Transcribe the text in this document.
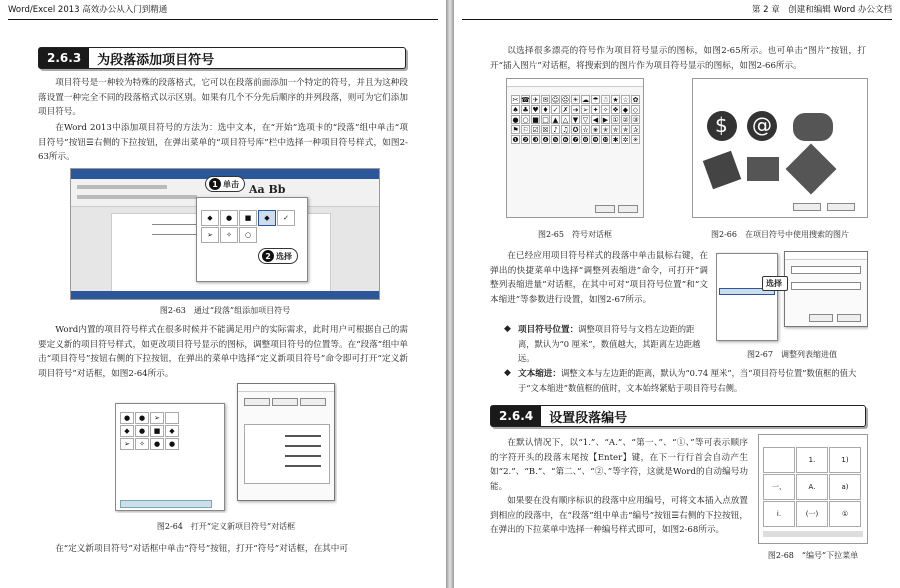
Word/Excel 2013 高效办公从入门到精通
2.6.3	为段落添加项目符号

项目符号是一种较为特殊的段落格式，它可以在段落前面添加一个特定的符号，并且为这种段落设置一种完全不同的段落格式以示区别。如果有几个不分先后顺序的并列段落，则可为它们添加项目符号。

在Word 2013中添加项目符号的方法为：选中文本，在“开始”选项卡的“段落”组中单击“项目符号”按钮☰右侧的下拉按钮，在弹出菜单的“项目符号库”栏中选择一种项目符号样式，如图2-63所示。

Aa Bb
◆	●	■	◆	✓
➢	✧	○
1 单击
2 选择
图2-63　通过“段落”组添加项目符号

Word内置的项目符号样式在很多时候并不能满足用户的实际需求，此时用户可根据自己的需要定义新的项目符号样式，如更改项目符号显示的图标，调整项目符号的位置等。在“段落”组中单击“项目符号”按钮右侧的下拉按钮，在弹出的菜单中选择“定义新项目符号”命令即可打开“定义新项目符号”对话框，如图2-64所示。

●	●	➢
◆	●	■	◆
➢	✧	●	●
图2-64　打开“定义新项目符号”对话框

在“定义新项目符号”对话框中单击“符号”按钮，打开“符号”对话框，在其中可

第 2 章　创建和编辑 Word 办公文档

以选择很多漂亮的符号作为项目符号显示的图标，如图2-65所示。也可单击“图片”按钮，打开“插入图片”对话框，将搜索到的图片作为项目符号显示的图标，如图2-66所示。

✂ ☎ ✈ ✉ ☺ ☹ ☀ ☁ ☂ ☃ ★ ☆ ✿
♠ ♣ ♥ ♦ ✓ ✗ ➔ ➢ ✦ ✧ ❖ ◆ ◇
● ○ ■ □ ▲ △ ▼ ▽ ◀ ▶ ① ② ③
⚑ ⚐ ☑ ☒ ♪ ♫ ✪ ✫ ✬ ✭ ✮ ✯ ✰
❶ ❷ ❸ ❹ ❺ ❻ ❼ ❽ ❾ ❿ ✱ ✲ ✳
图2-65　符号对话框
$ @
图2-66　在项目符号中使用搜索的图片

在已经应用项目符号样式的段落中单击鼠标右键，在弹出的快捷菜单中选择“调整列表缩进”命令，可打开“调整列表缩进量”对话框，在其中可对“项目符号位置”和“文本缩进”等参数进行设置，如图2-67所示。

选择
图2-67　调整列表缩进值
◆ 项目符号位置：调整项目符号与文档左边距的距离，默认为“0 厘米”，数值越大，其距离左边距越远。
◆ 文本缩进：调整文本与左边距的距离，默认为“0.74 厘米”，当“项目符号位置”数值框的值大于“文本缩进”数值框的值时，文本始终紧贴于项目符号右侧。
2.6.4	设置段落编号

在默认情况下，以“1.”、“A.”、“第一、”、“①、”等可表示顺序的字符开头的段落末尾按【Enter】键，在下一行行首会自动产生如“2.”、“B.”、“第二、”、“②、”等字符，这就是Word的自动编号功能。

如果要在没有顺序标识的段落中应用编号，可将文本插入点放置到相应的段落中，在“段落”组中单击“编号”按钮☰右侧的下拉按钮，在弹出的下拉菜单中选择一种编号样式即可，如图2-68所示。

1.	1)
一、	A.	a)
i.	(一)	①
图2-68　“编号”下拉菜单
